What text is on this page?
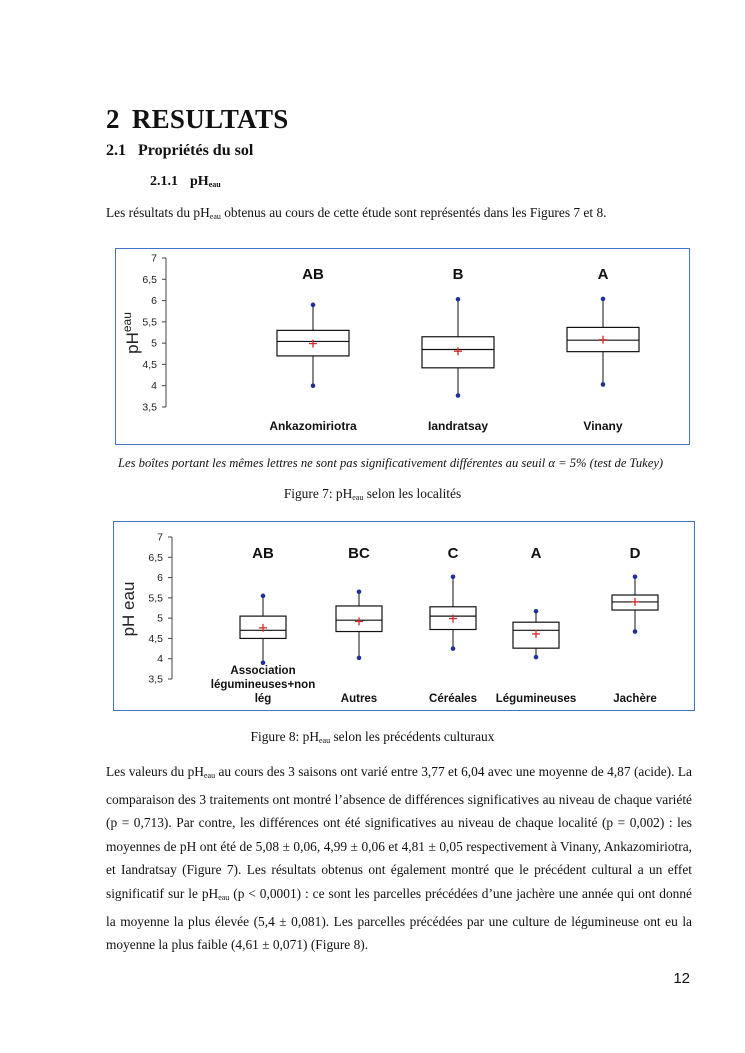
2 RESULTATS
2.1 Propriétés du sol
2.1.1 $pH_{eau}$
Les résultats du $pH_{eau}$ obtenus au cours de cette étude sont représentés dans les Figures 7 et 8.
3,5
4
4,5
5
5,5
6
6,5
7
$pH^{eau}$
AB
Ankazomiriotra
B
Iandratsay
A
Vinany
Les boîtes portant les mêmes lettres ne sont pas significativement différentes au seuil α = 5% (test de Tukey)
Figure 7: $pH_{eau}$ selon les localités
3,5
4
4,5
5
5,5
6
6,5
7
pH eau
AB
Association
légumineuses+non
lég
BC
Autres
C
Céréales
A
Légumineuses
D
Jachère
Figure 8: $pH_{eau}$ selon les précédents culturaux
Les valeurs du $pH_{eau}$ au cours des 3 saisons ont varié entre 3,77 et 6,04 avec une moyenne de 4,87 (acide). La comparaison des 3 traitements ont montré l’absence de différences significatives au niveau de chaque variété (p = 0,713). Par contre, les différences ont été significatives au niveau de chaque localité (p = 0,002) : les moyennes de pH ont été de 5,08 ± 0,06, 4,99 ± 0,06 et 4,81 ± 0,05 respectivement à Vinany, Ankazomiriotra, et Iandratsay (Figure 7). Les résultats obtenus ont également montré que le précédent cultural a un effet significatif sur le $pH_{eau}$ (p < 0,0001) : ce sont les parcelles précédées d’une jachère une année qui ont donné la moyenne la plus élevée (5,4 ± 0,081). Les parcelles précédées par une culture de légumineuse ont eu la moyenne la plus faible (4,61 ± 0,071) (Figure 8).
12
